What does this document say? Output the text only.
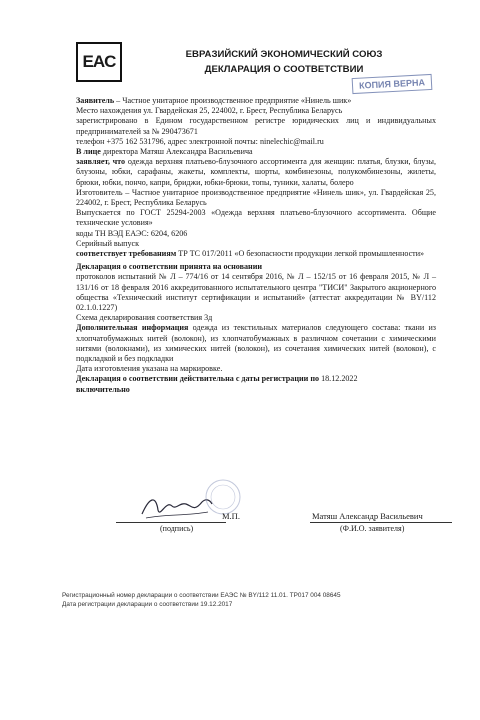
EAC	ЕВРАЗИЙСКИЙ ЭКОНОМИЧЕСКИЙ СОЮЗ
ДЕКЛАРАЦИЯ О СООТВЕТСТВИИ
КОПИЯ ВЕРНА

Заявитель – Частное унитарное производственное предприятие «Нинель шик»

Место нахождения ул. Гвардейская 25, 224002, г. Брест, Республика Беларусь

зарегистрировано в Едином государственном регистре юридических лиц и индивидуальных предпринимателей за № 290473671

телефон +375 162 531796, адрес электронной почты: ninelechic@mail.ru

В лице директора Матяш Александра Васильевича

заявляет, что одежда верхняя платьево-блузочного ассортимента для женщин: платья, блузки, блузы, блузоны, юбки, сарафаны, жакеты, комплекты, шорты, комбинезоны, полукомбинезоны, жилеты, брюки, юбки, пончо, капри, бриджи, юбки-брюки, топы, туники, халаты, болеро

Изготовитель – Частное унитарное производственное предприятие «Нинель шик», ул. Гвардейская 25, 224002, г. Брест, Республика Беларусь

Выпускается по ГОСТ 25294-2003 «Одежда верхняя платьево-блузочного ассортимента. Общие технические условия»

коды ТН ВЭД ЕАЭС: 6204, 6206

Серийный выпуск

соответствует требованиям ТР ТС 017/2011 «О безопасности продукции легкой промышленности»

Декларация о соответствии принята на основании

протоколов испытаний № Л – 774/16 от 14 сентября 2016, № Л – 152/15 от 16 февраля 2015, № Л – 131/16 от 18 февраля 2016 аккредитованного испытательного центра "ТИСИ" Закрытого акционерного общества «Технический институт сертификации и испытаний» (аттестат аккредитации № BY/112 02.1.0.1227)

Схема декларирования соответствия 3д

Дополнительная информация одежда из текстильных материалов следующего состава: ткани из хлопчатобумажных нитей (волокон), из хлопчатобумажных в различном сочетании с химическими нитями (волокнами), из химических нитей (волокон), из сочетания химических нитей (волокон), с подкладкой и без подкладки

Дата изготовления указана на маркировке.

Декларация о соответствии действительна с даты регистрации по 18.12.2022

включительно

М.П.	Матяш Александр Васильевич
(подпись)	(Ф.И.О. заявителя)

Регистрационный номер декларации о соответствии ЕАЭС № BY/112 11.01. ТР017 004 08645

Дата регистрации декларации о соответствии 19.12.2017
